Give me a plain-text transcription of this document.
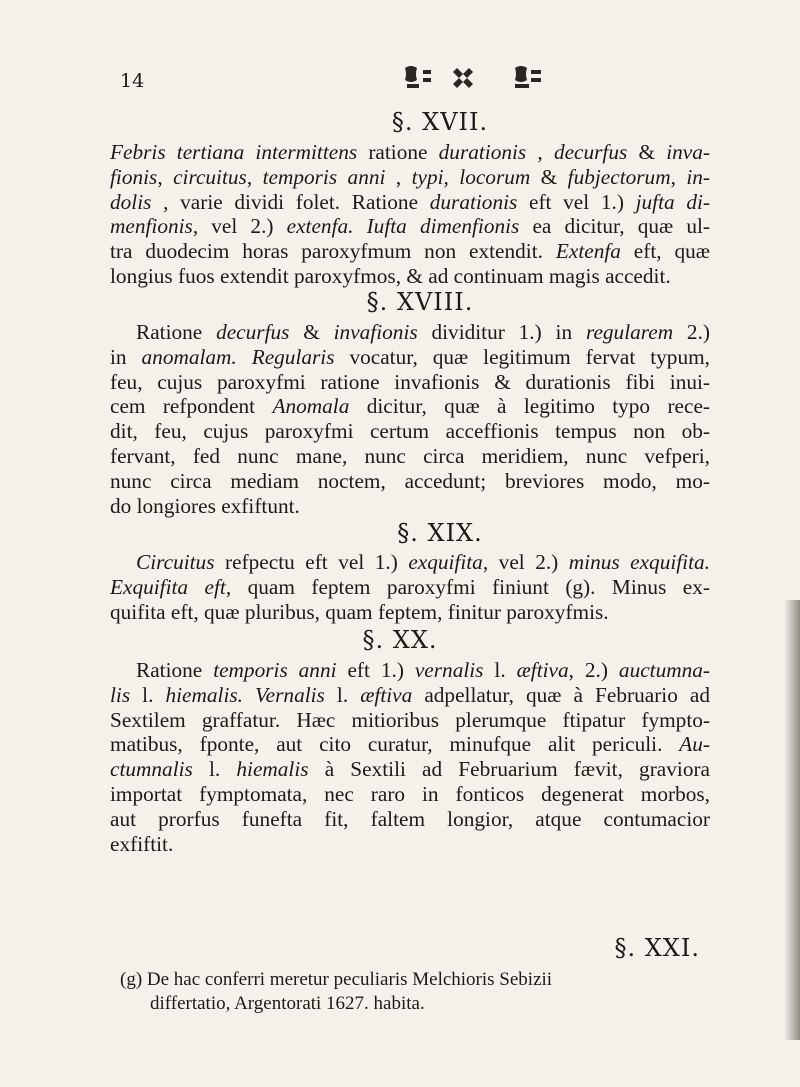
14
§. XVII.
Febris tertiana intermittens ratione durationis , decurfus & inva-
fionis, circuitus, temporis anni , typi, locorum & fubjectorum, in-
dolis , varie dividi folet. Ratione durationis eft vel 1.) jufta di-
menfionis, vel 2.) extenfa. Iufta dimenfionis ea dicitur, quæ ul-
tra duodecim horas paroxyfmum non extendit. Extenfa eft, quæ
longius fuos extendit paroxyfmos, & ad continuam magis accedit.
§. XVIII.
Ratione decurfus & invafionis dividitur 1.) in regularem 2.)
in anomalam. Regularis vocatur, quæ legitimum fervat typum,
feu, cujus paroxyfmi ratione invafionis & durationis fibi inui-
cem refpondent Anomala dicitur, quæ à legitimo typo rece-
dit, feu, cujus paroxyfmi certum acceffionis tempus non ob-
fervant, fed nunc mane, nunc circa meridiem, nunc vefperi,
nunc circa mediam noctem, accedunt; breviores modo, mo-
do longiores exfiftunt.
§. XIX.
Circuitus refpectu eft vel 1.) exquifita, vel 2.) minus exquifita.
Exquifita eft, quam feptem paroxyfmi finiunt (g). Minus ex-
quifita eft, quæ pluribus, quam feptem, finitur paroxyfmis.
§. XX.
Ratione temporis anni eft 1.) vernalis l. æftiva, 2.) auctumna-
lis l. hiemalis. Vernalis l. æftiva adpellatur, quæ à Februario ad
Sextilem graffatur. Hæc mitioribus plerumque ftipatur fympto-
matibus, fponte, aut cito curatur, minufque alit periculi. Au-
ctumnalis l. hiemalis à Sextili ad Februarium fævit, graviora
importat fymptomata, nec raro in fonticos degenerat morbos,
aut prorfus funefta fit, faltem longior, atque contumacior
exfiftit.
§. XXI.
(g) De hac conferri meretur peculiaris Melchioris Sebizii
differtatio, Argentorati 1627. habita.
